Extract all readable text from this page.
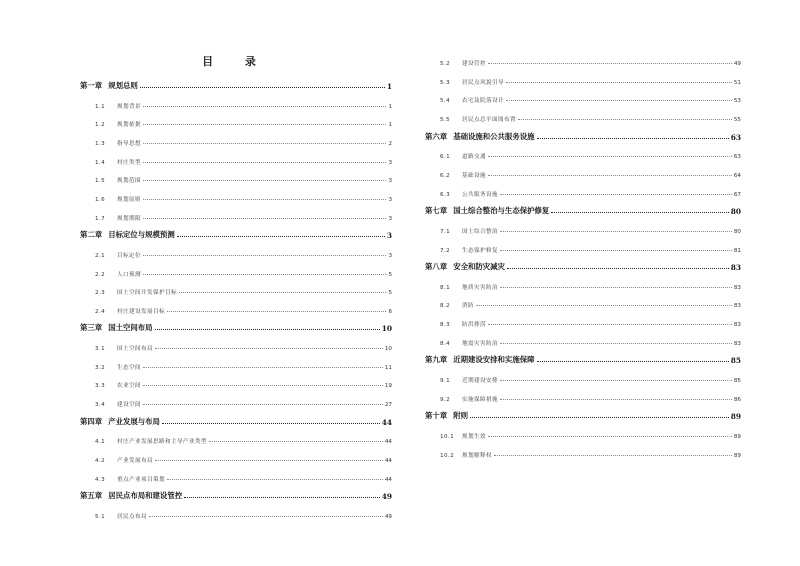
目 录
第一章 规划总则	1
1.1 规划背景	1
1.2 规划依据	1
1.3 指导思想	2
1.4 村庄类型	3
1.5 规划范围	3
1.6 规划原则	3
1.7 规划期限	3
第二章 目标定位与规模预测	3
2.1 目标定位	3
2.2 人口预测	5
2.3 国土空间开发保护目标	5
2.4 村庄建设发展目标	6
第三章 国土空间布局	10
3.1 国土空间布局	10
3.2 生态空间	11
3.3 农业空间	19
3.4 建设空间	27
第四章 产业发展与布局	44
4.1 村庄产业发展思路和主导产业类型	44
4.2 产业发展布局	44
4.3 重点产业项目策划	44
第五章 居民点布局和建设管控	49
5.1 居民点布局	49
5.2 建设管控	49
5.3 居民点风貌引导	51
5.4 农宅及院落设计	53
5.5 居民点总平面图布置	55
第六章 基础设施和公共服务设施	63
6.1 道路交通	63
6.2 基础设施	64
6.3 公共服务设施	67
第七章 国土综合整治与生态保护修复	80
7.1 国土综合整治	80
7.2 生态保护修复	81
第八章 安全和防灾减灾	83
8.1 地质灾害防治	83
8.2 消防	83
8.3 防洪排涝	83
8.4 地震灾害防治	83
第九章 近期建设安排和实施保障	85
9.1 近期建设安排	85
9.2 实施保障措施	86
第十章 附则	89
10.1 规划生效	89
10.2 规划解释权	89
